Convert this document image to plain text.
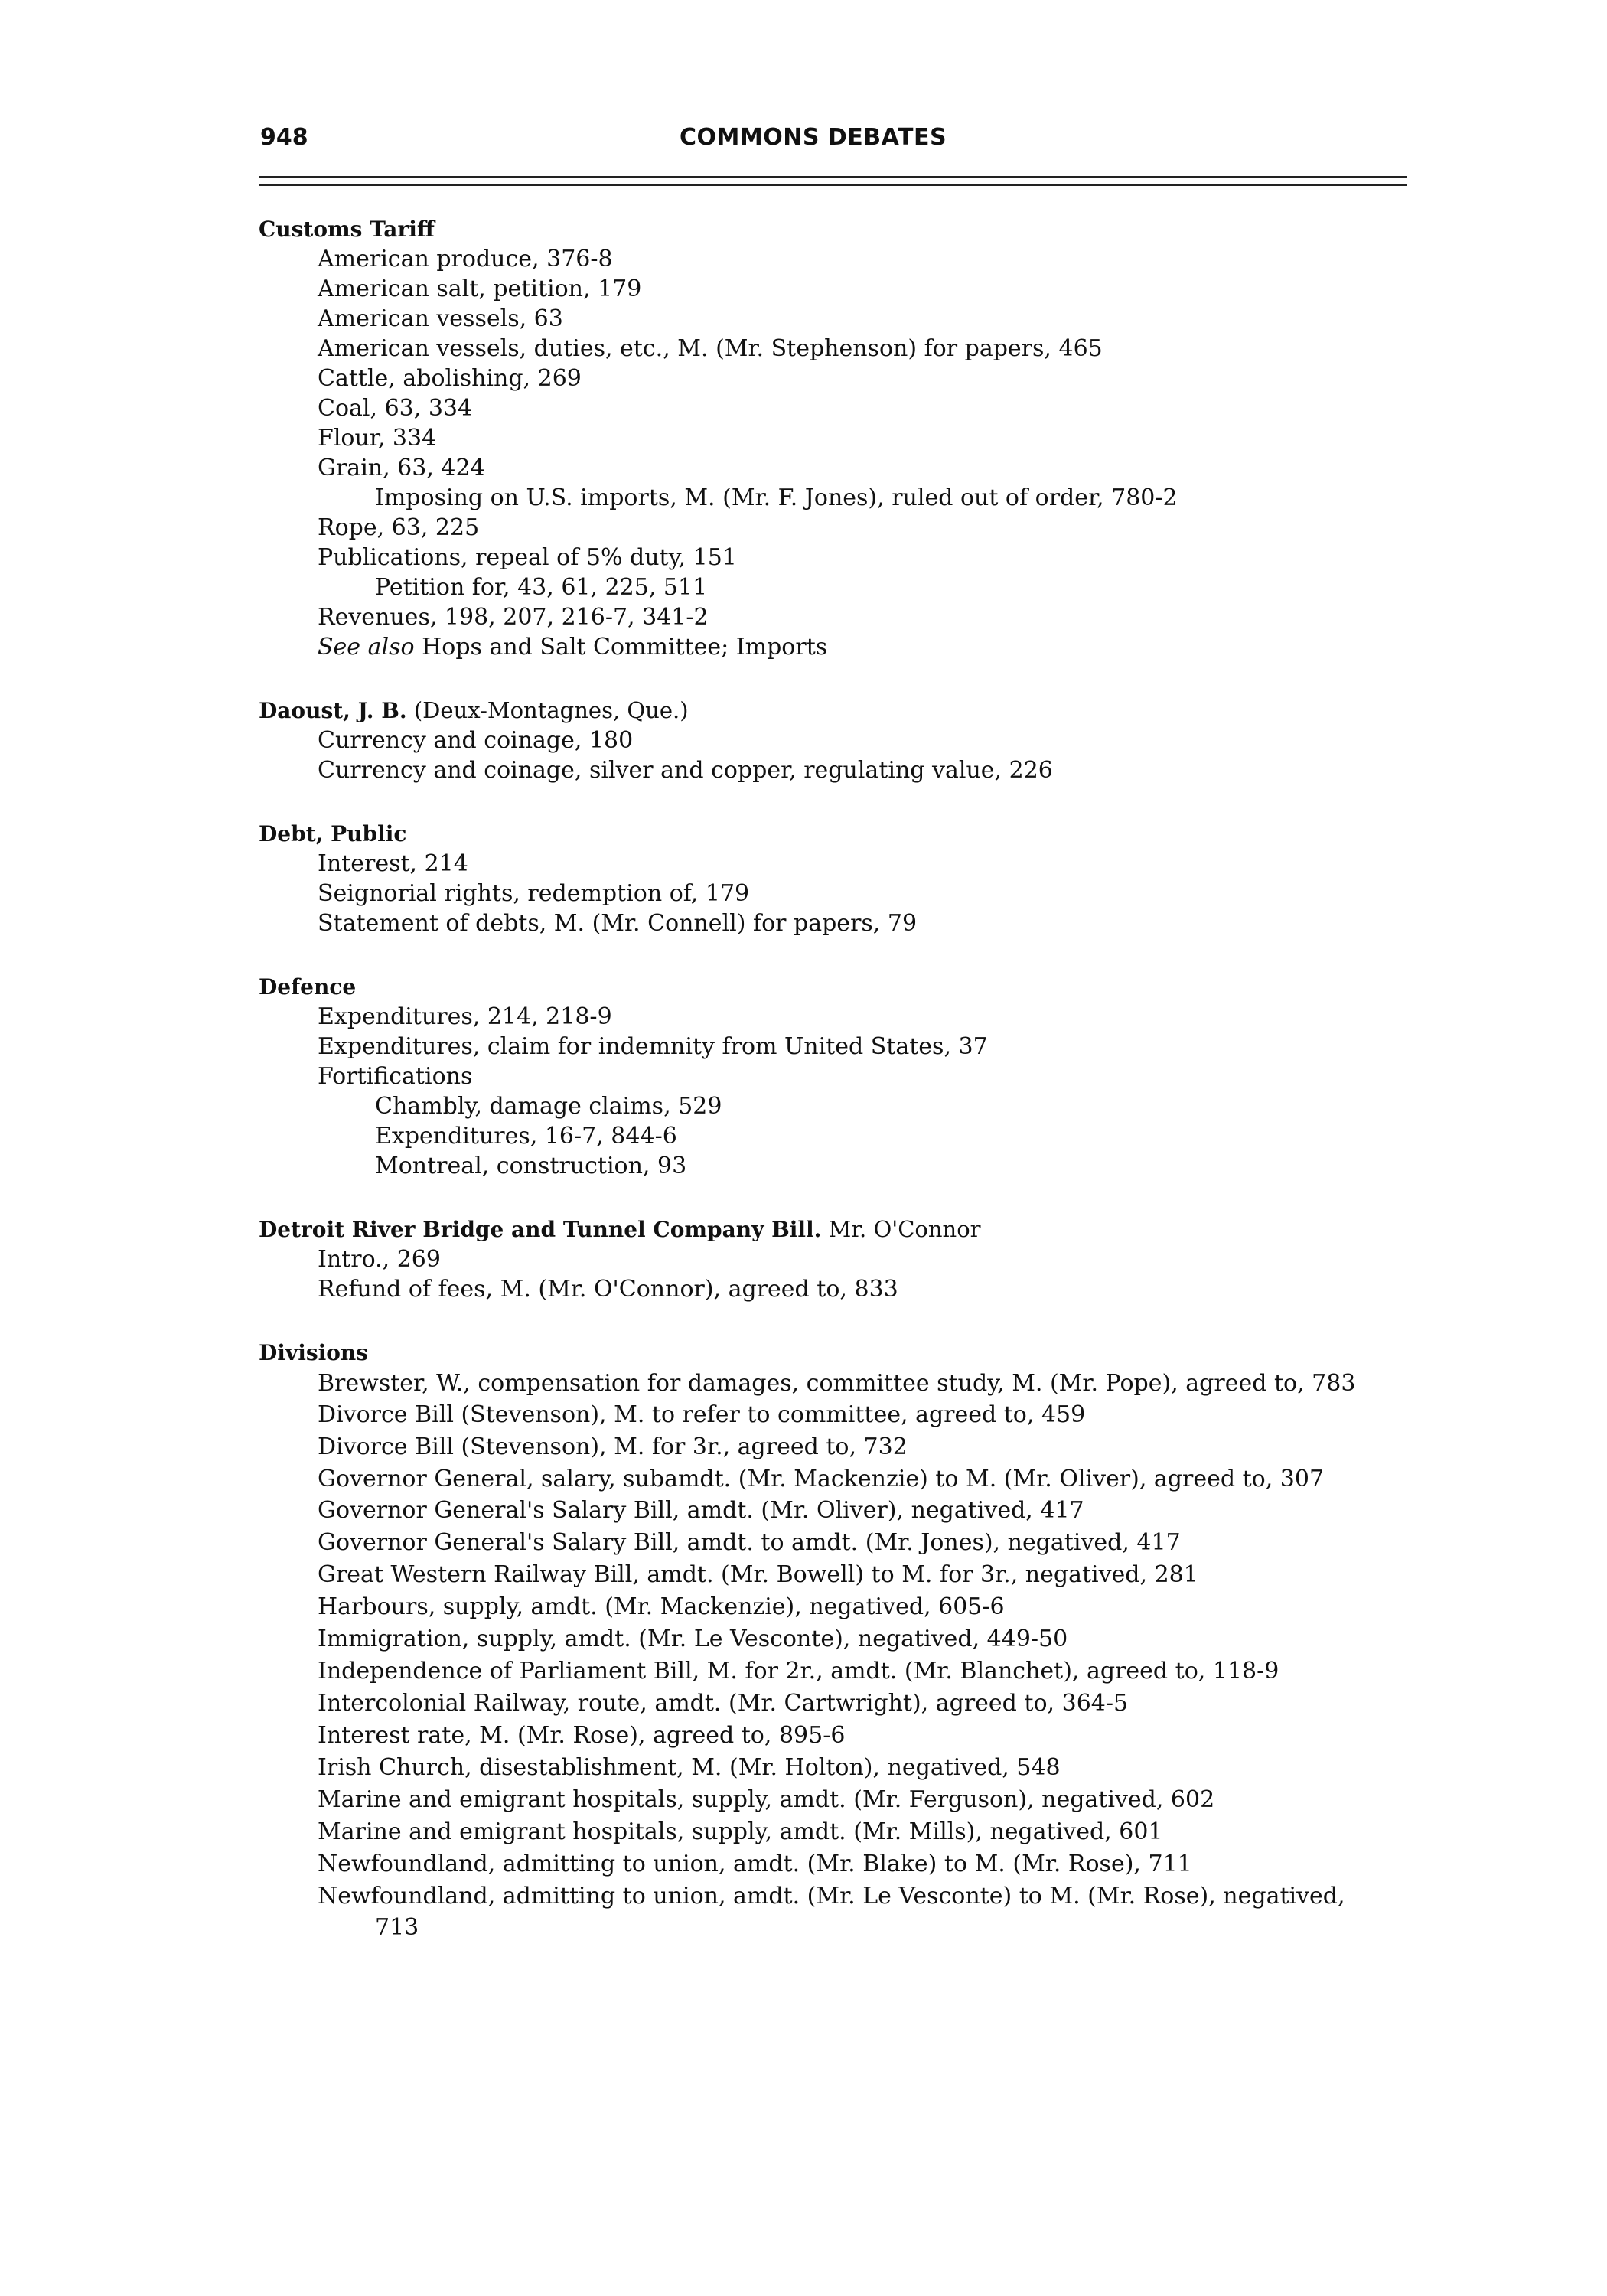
948	COMMONS DEBATES
Customs Tariff
American produce, 376-8
American salt, petition, 179
American vessels, 63
American vessels, duties, etc., M. (Mr. Stephenson) for papers, 465
Cattle, abolishing, 269
Coal, 63, 334
Flour, 334
Grain, 63, 424
Imposing on U.S. imports, M. (Mr. F. Jones), ruled out of order, 780-2
Rope, 63, 225
Publications, repeal of 5% duty, 151
Petition for, 43, 61, 225, 511
Revenues, 198, 207, 216-7, 341-2
See also Hops and Salt Committee; Imports
Daoust, J. B. (Deux-Montagnes, Que.)
Currency and coinage, 180
Currency and coinage, silver and copper, regulating value, 226
Debt, Public
Interest, 214
Seignorial rights, redemption of, 179
Statement of debts, M. (Mr. Connell) for papers, 79
Defence
Expenditures, 214, 218-9
Expenditures, claim for indemnity from United States, 37
Fortifications
Chambly, damage claims, 529
Expenditures, 16-7, 844-6
Montreal, construction, 93
Detroit River Bridge and Tunnel Company Bill. Mr. O'Connor
Intro., 269
Refund of fees, M. (Mr. O'Connor), agreed to, 833
Divisions
Brewster, W., compensation for damages, committee study, M. (Mr. Pope), agreed to, 783
Divorce Bill (Stevenson), M. to refer to committee, agreed to, 459
Divorce Bill (Stevenson), M. for 3r., agreed to, 732
Governor General, salary, subamdt. (Mr. Mackenzie) to M. (Mr. Oliver), agreed to, 307
Governor General's Salary Bill, amdt. (Mr. Oliver), negatived, 417
Governor General's Salary Bill, amdt. to amdt. (Mr. Jones), negatived, 417
Great Western Railway Bill, amdt. (Mr. Bowell) to M. for 3r., negatived, 281
Harbours, supply, amdt. (Mr. Mackenzie), negatived, 605-6
Immigration, supply, amdt. (Mr. Le Vesconte), negatived, 449-50
Independence of Parliament Bill, M. for 2r., amdt. (Mr. Blanchet), agreed to, 118-9
Intercolonial Railway, route, amdt. (Mr. Cartwright), agreed to, 364-5
Interest rate, M. (Mr. Rose), agreed to, 895-6
Irish Church, disestablishment, M. (Mr. Holton), negatived, 548
Marine and emigrant hospitals, supply, amdt. (Mr. Ferguson), negatived, 602
Marine and emigrant hospitals, supply, amdt. (Mr. Mills), negatived, 601
Newfoundland, admitting to union, amdt. (Mr. Blake) to M. (Mr. Rose), 711
Newfoundland, admitting to union, amdt. (Mr. Le Vesconte) to M. (Mr. Rose), negatived, 713
